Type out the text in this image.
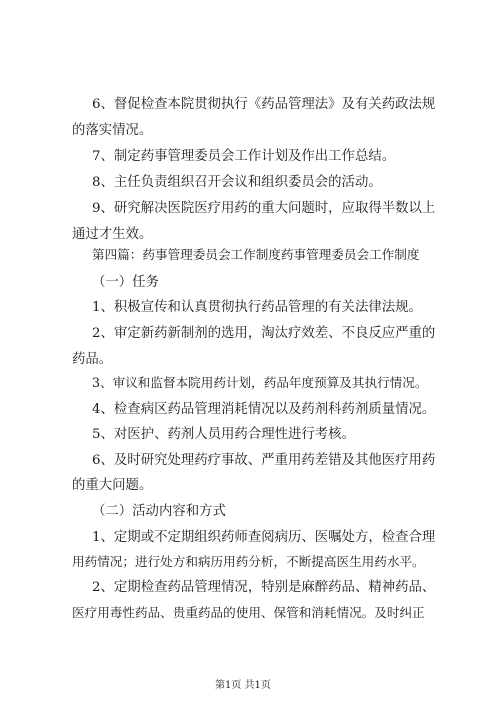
6、督促检查本院贯彻执行《药品管理法》及有关药政法规
的落实情况。
7、制定药事管理委员会工作计划及作出工作总结。
8、主任负责组织召开会议和组织委员会的活动。
9、研究解决医院医疗用药的重大问题时，应取得半数以上
通过才生效。
第四篇：药事管理委员会工作制度药事管理委员会工作制度
（一）任务
1、积极宣传和认真贯彻执行药品管理的有关法律法规。
2、审定新药新制剂的选用，淘汰疗效差、不良反应严重的
药品。
3、审议和监督本院用药计划，药品年度预算及其执行情况。
4、检查病区药品管理消耗情况以及药剂科药剂质量情况。
5、对医护、药剂人员用药合理性进行考核。
6、及时研究处理药疗事故、严重用药差错及其他医疗用药
的重大问题。
（二）活动内容和方式
1、定期或不定期组织药师查阅病历、医嘱处方，检查合理
用药情况；进行处方和病历用药分析，不断提高医生用药水平。
2、定期检查药品管理情况，特别是麻醉药品、精神药品、
医疗用毒性药品、贵重药品的使用、保管和消耗情况。及时纠正
第1页 共1页
